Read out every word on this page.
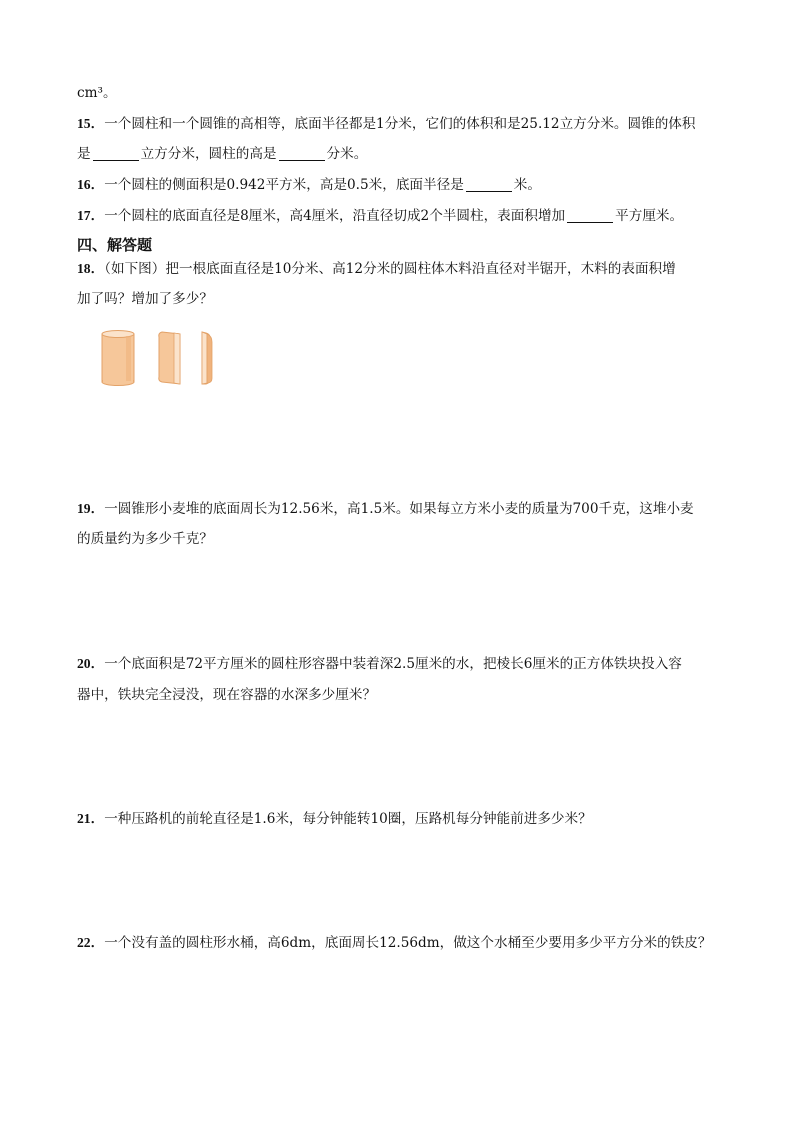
cm³。
15．一个圆柱和一个圆锥的高相等，底面半径都是1分米，它们的体积和是25.12立方分米。圆锥的体积
是	立方分米，圆柱的高是	分米。
16．一个圆柱的侧面积是0.942平方米，高是0.5米，底面半径是	米。
17．一个圆柱的底面直径是8厘米，高4厘米，沿直径切成2个半圆柱，表面积增加	平方厘米。
四、解答题
18．（如下图）把一根底面直径是10分米、高12分米的圆柱体木料沿直径对半锯开，木料的表面积增
加了吗？增加了多少？
19．一圆锥形小麦堆的底面周长为12.56米，高1.5米。如果每立方米小麦的质量为700千克，这堆小麦
的质量约为多少千克？
20．一个底面积是72平方厘米的圆柱形容器中装着深2.5厘米的水，把棱长6厘米的正方体铁块投入容
器中，铁块完全浸没，现在容器的水深多少厘米？
21．一种压路机的前轮直径是1.6米，每分钟能转10圈，压路机每分钟能前进多少米？
22．一个没有盖的圆柱形水桶，高6dm，底面周长12.56dm，做这个水桶至少要用多少平方分米的铁皮？
